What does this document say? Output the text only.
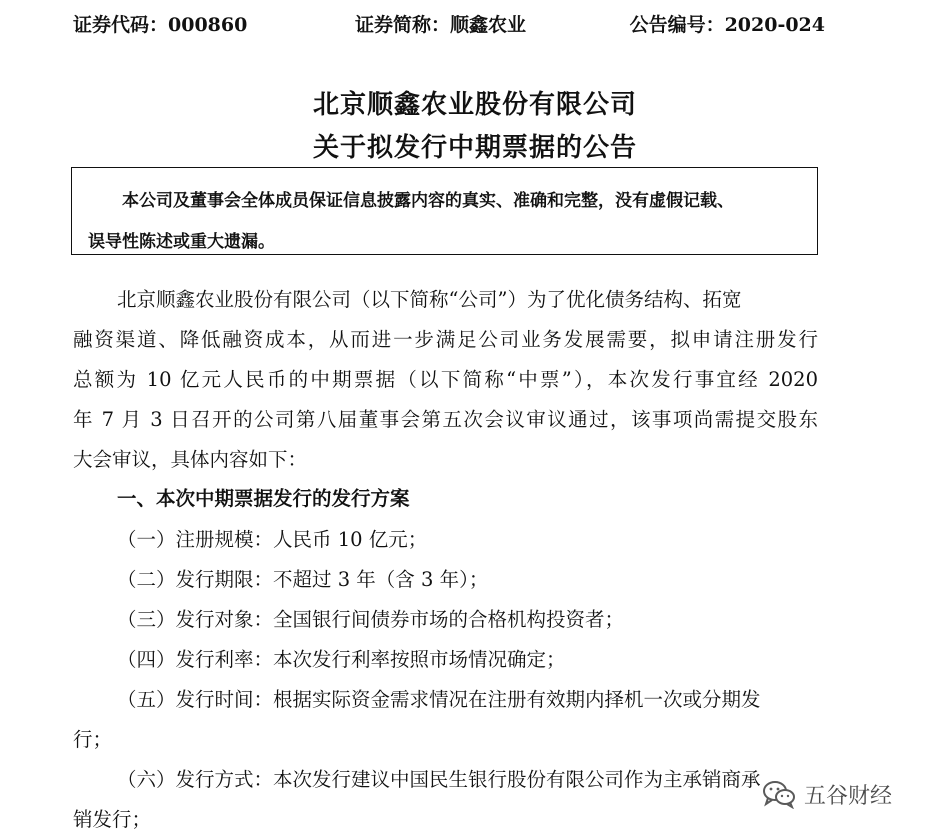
证券代码：000860	证券简称：顺鑫农业	公告编号：2020-024
北京顺鑫农业股份有限公司
关于拟发行中期票据的公告
本公司及董事会全体成员保证信息披露内容的真实、准确和完整，没有虚假记载、
误导性陈述或重大遗漏。
北京顺鑫农业股份有限公司（以下简称“公司”）为了优化债务结构、拓宽
融资渠道、降低融资成本，从而进一步满足公司业务发展需要，拟申请注册发行
总额为 10 亿元人民币的中期票据（以下简称“中票”），本次发行事宜经 2020
年 7 月 3 日召开的公司第八届董事会第五次会议审议通过，该事项尚需提交股东
大会审议，具体内容如下：
一、本次中期票据发行的发行方案
（一）注册规模：人民币 10 亿元；
（二）发行期限：不超过 3 年（含 3 年）；
（三）发行对象：全国银行间债券市场的合格机构投资者；
（四）发行利率：本次发行利率按照市场情况确定；
（五）发行时间：根据实际资金需求情况在注册有效期内择机一次或分期发
行；
（六）发行方式：本次发行建议中国民生银行股份有限公司作为主承销商承
销发行；
五谷财经
